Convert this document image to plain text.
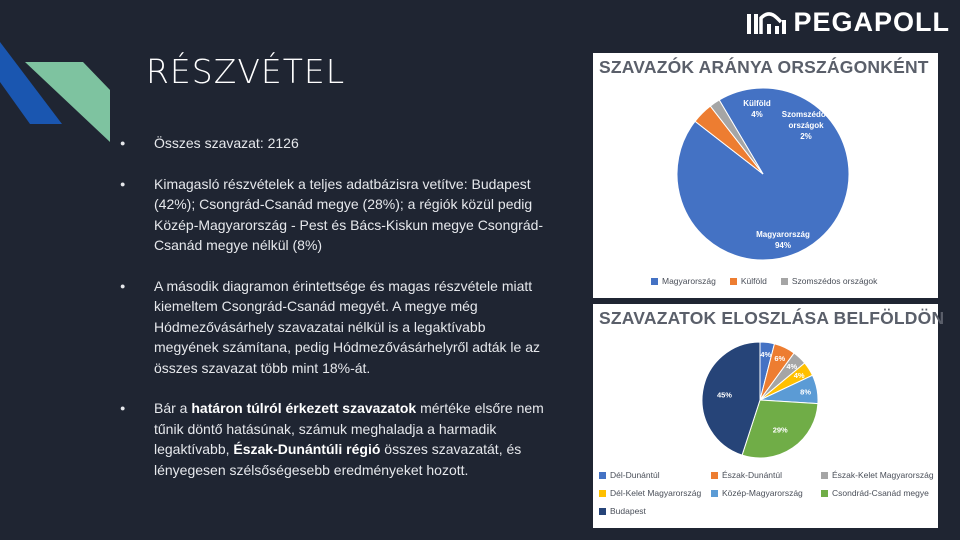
PEGAPOLL
RÉSZVÉTEL
● Összes szavazat: 2126
● Kimagasló részvételek a teljes adatbázisra vetítve: Budapest (42%); Csongrád-Csanád megye (28%); a régiók közül pedig Közép-Magyarország - Pest és Bács-Kiskun megye Csongrád-Csanád megye nélkül (8%)
● A második diagramon érintettsége és magas részvétele miatt kiemeltem Csongrád-Csanád megyét. A megye még Hódmezővásárhely szavazatai nélkül is a legaktívabb megyének számítana, pedig Hódmezővásárhelyről adták le az összes szavazat több mint 18%-át.
● Bár a határon túlról érkezett szavazatok mértéke elsőre nem tűnik döntő hatásúnak, számuk meghaladja a harmadik legaktívabb, Észak-Dunántúli régió összes szavazatát, és lényegesen szélsőségesebb eredményeket hozott.
SZAVAZÓK ARÁNYA ORSZÁGONKÉNT
Magyarország 94%
Külföld 4%	Szomszédos országok 2%
Magyarország	Külföld	Szomszédos országok
SZAVAZATOK ELOSZLÁSA BELFÖLDÖN
4% 6%
4%
4%
8%
29%
45%
Dél-Dunántúl	Észak-Dunántúl	Észak-Kelet Magyarország
Dél-Kelet Magyarország Közép-Magyarország	Csondrád-Csanád megye
Budapest
